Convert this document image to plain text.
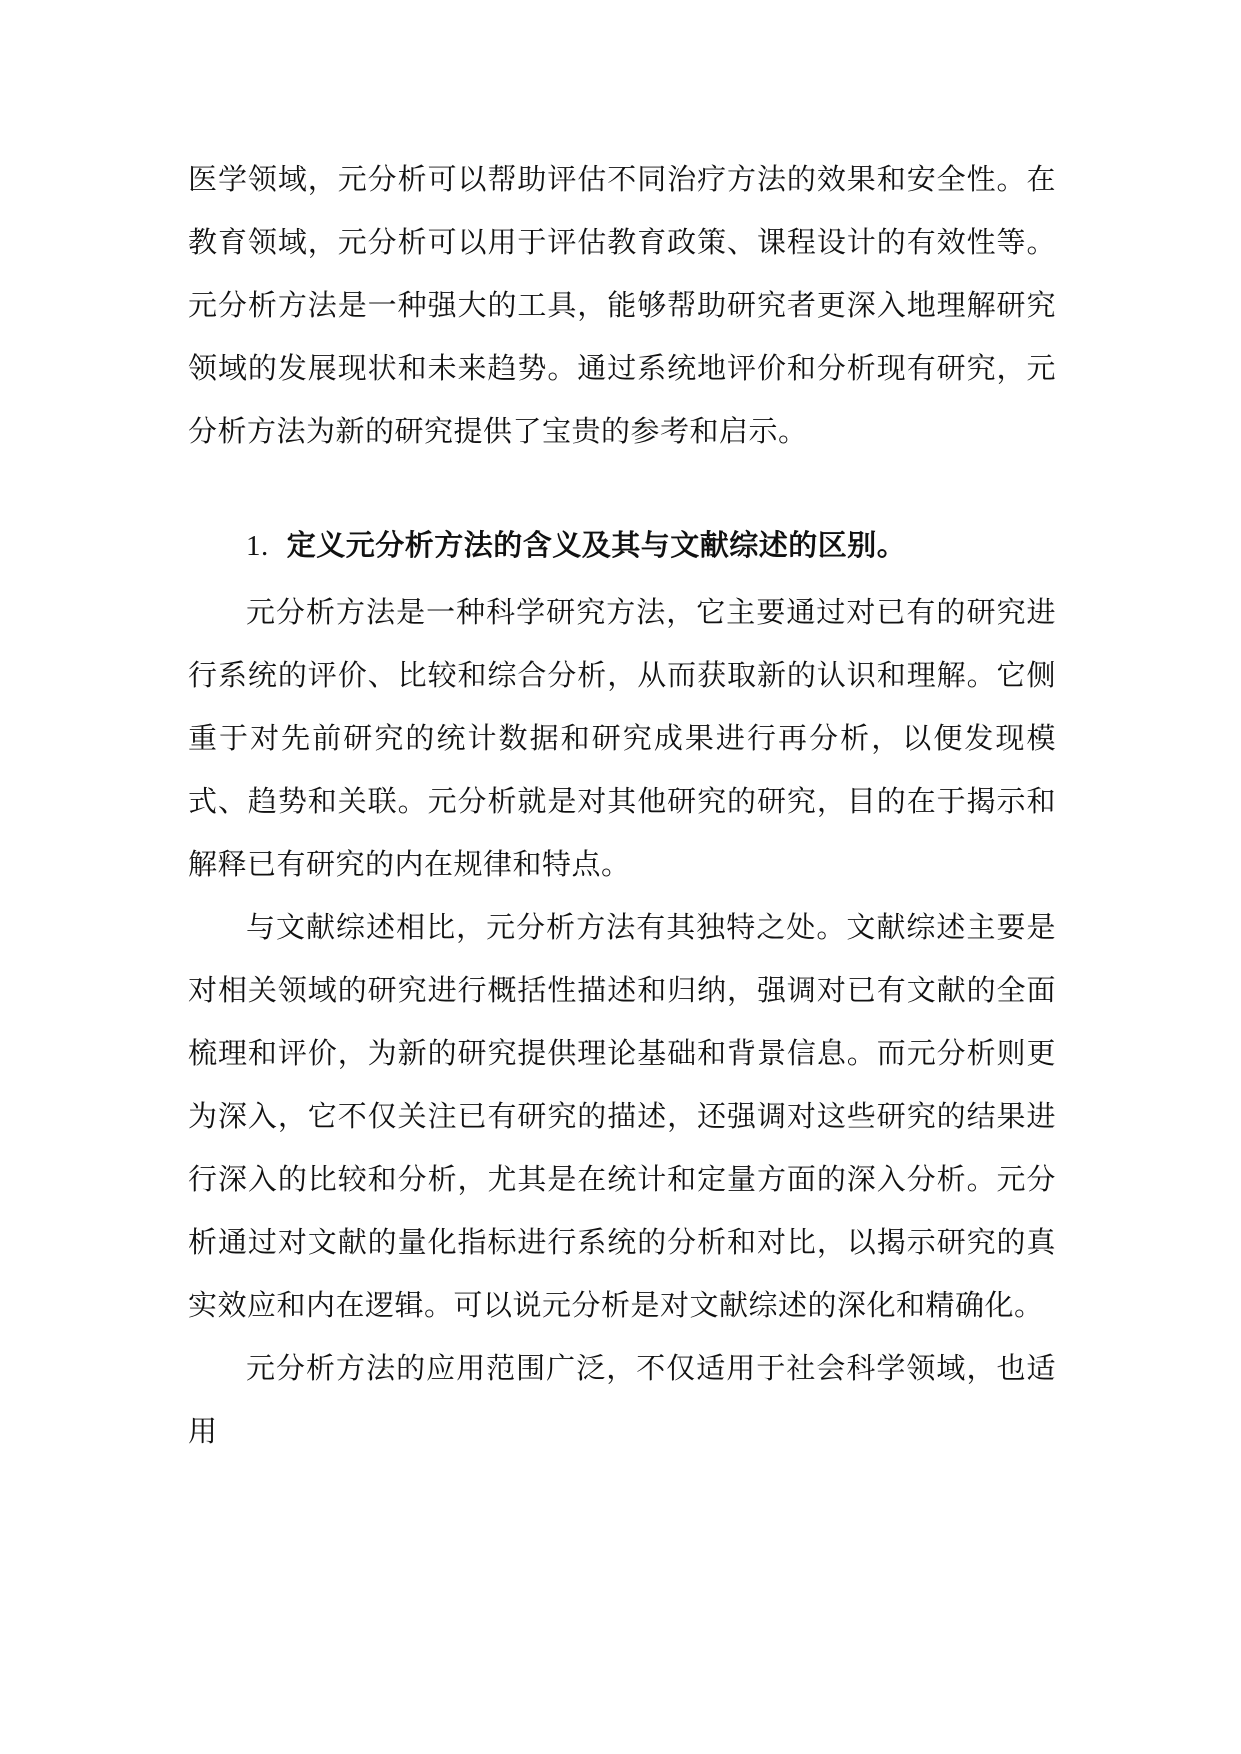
医学领域，元分析可以帮助评估不同治疗方法的效果和安全性。在教育领域，元分析可以用于评估教育政策、课程设计的有效性等。元分析方法是一种强大的工具，能够帮助研究者更深入地理解研究领域的发展现状和未来趋势。通过系统地评价和分析现有研究，元分析方法为新的研究提供了宝贵的参考和启示。

1. 定义元分析方法的含义及其与文献综述的区别。

元分析方法是一种科学研究方法，它主要通过对已有的研究进行系统的评价、比较和综合分析，从而获取新的认识和理解。它侧重于对先前研究的统计数据和研究成果进行再分析，以便发现模式、趋势和关联。元分析就是对其他研究的研究，目的在于揭示和解释已有研究的内在规律和特点。

与文献综述相比，元分析方法有其独特之处。文献综述主要是对相关领域的研究进行概括性描述和归纳，强调对已有文献的全面梳理和评价，为新的研究提供理论基础和背景信息。而元分析则更为深入，它不仅关注已有研究的描述，还强调对这些研究的结果进行深入的比较和分析，尤其是在统计和定量方面的深入分析。元分析通过对文献的量化指标进行系统的分析和对比，以揭示研究的真实效应和内在逻辑。可以说元分析是对文献综述的深化和精确化。

元分析方法的应用范围广泛，不仅适用于社会科学领域，也适用
